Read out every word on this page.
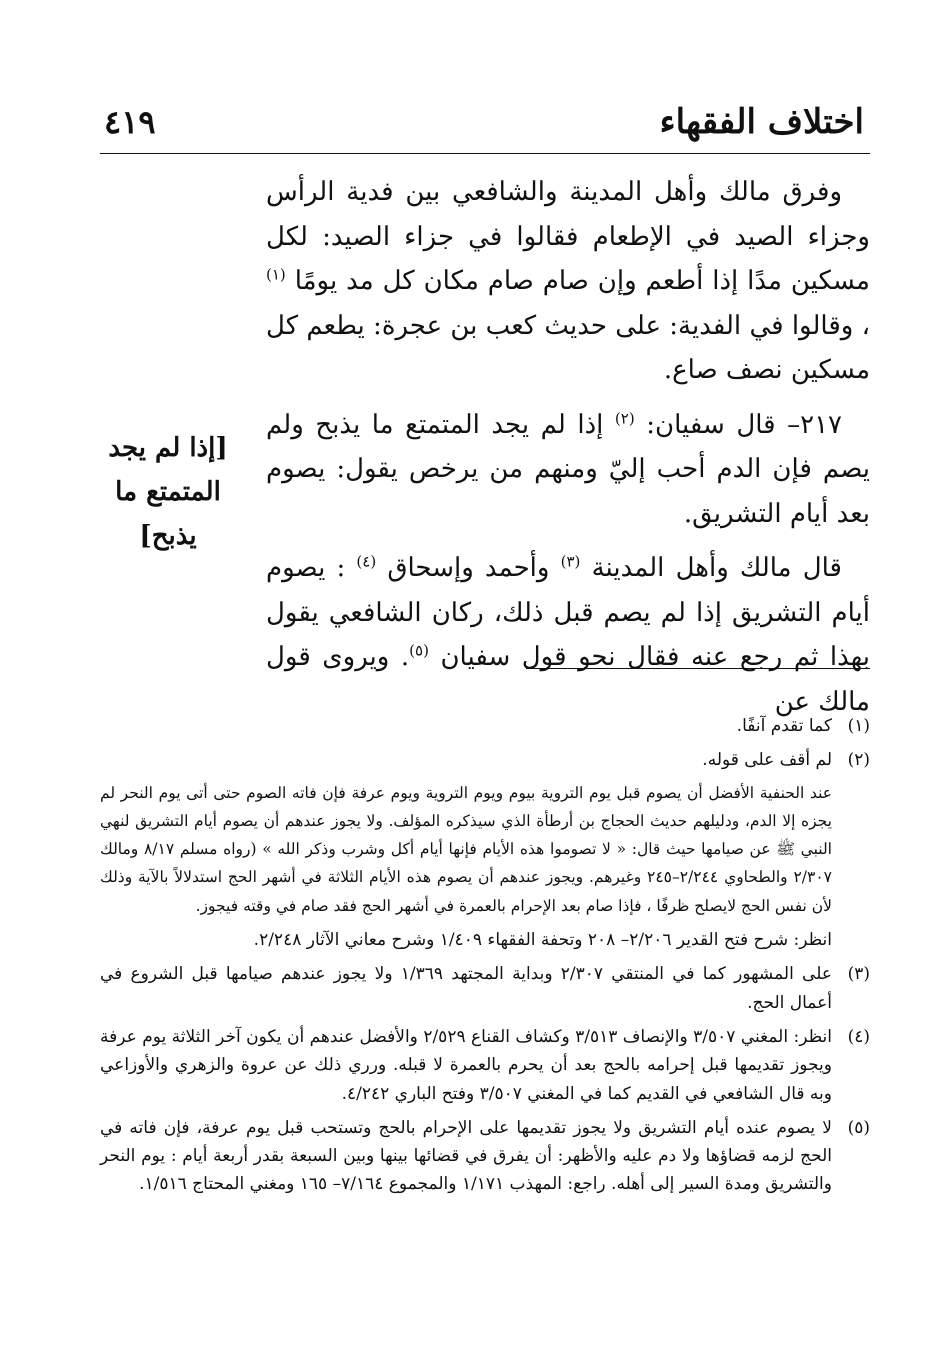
اختلاف الفقهاء
٤١٩

وفرق مالك وأهل المدينة والشافعي بين فدية الرأس وجزاء الصيد في الإطعام فقالوا في جزاء الصيد: لكل مسكين مدًا إذا أطعم وإن صام صام مكان كل مد يومًا $^{(١)}$ ، وقالوا في الفدية: على حديث كعب بن عجرة: يطعم كل مسكين نصف صاع.

٢١٧– قال سفيان: $^{(٢)}$ إذا لم يجد المتمتع ما يذبح ولم يصم فإن الدم أحب إليّ ومنهم من يرخص يقول: يصوم بعد أيام التشريق.

قال مالك وأهل المدينة $^{(٣)}$ وأحمد وإسحاق $^{(٤)}$ : يصوم أيام التشريق إذا لم يصم قبل ذلك، ركان الشافعي يقول بهذا ثم رجع عنه فقال نحو قول سفيان $^{(٥)}$. ويروى قول مالك عن

[إذا لم يجد
المتمتع ما
يذبح]
(١)

كما تقدم آنفًا.

(٢)

لم أقف على قوله.

عند الحنفية الأفضل أن يصوم قبل يوم التروية بيوم ويوم التروية ويوم عرفة فإن فاته الصوم حتى أتى يوم النحر لم يجزه إلا الدم، ودليلهم حديث الحجاج بن أرطأة الذي سيذكره المؤلف. ولا يجوز عندهم أن يصوم أيام التشريق لنهي النبي ﷺ عن صيامها حيث قال: « لا تصوموا هذه الأيام فإنها أيام أكل وشرب وذكر الله » (رواه مسلم ٨/١٧ ومالك ٢/٣٠٧ والطحاوي ٢/٢٤٤–٢٤٥ وغيرهم. ويجوز عندهم أن يصوم هذه الأيام الثلاثة في أشهر الحج استدلالاً بالآية وذلك لأن نفس الحج لايصلح ظرفًا ، فإذا صام بعد الإحرام بالعمرة في أشهر الحج فقد صام في وقته فيجوز.

انظر: شرح فتح القدير ٢/٢٠٦– ٢٠٨ وتحفة الفقهاء ١/٤٠٩ وشرح معاني الآثار ٢/٢٤٨.

(٣)

على المشهور كما في المنتقي ٢/٣٠٧ وبداية المجتهد ١/٣٦٩ ولا يجوز عندهم صيامها قبل الشروع في أعمال الحج.

(٤)

انظر: المغني ٣/٥٠٧ والإنصاف ٣/٥١٣ وكشاف القناع ٢/٥٢٩ والأفضل عندهم أن يكون آخر الثلاثة يوم عرفة ويجوز تقديمها قبل إحرامه بالحج بعد أن يحرم بالعمرة لا قبله. ورري ذلك عن عروة والزهري والأوزاعي وبه قال الشافعي في القديم كما في المغني ٣/٥٠٧ وفتح الباري ٤/٢٤٢.

(٥)

لا يصوم عنده أيام التشريق ولا يجوز تقديمها على الإحرام بالحج وتستحب قبل يوم عرفة، فإن فاته في الحج لزمه قضاؤها ولا دم عليه والأظهر: أن يفرق في قضائها بينها وبين السبعة بقدر أربعة أيام : يوم النحر والتشريق ومدة السير إلى أهله. راجع: المهذب ١/١٧١ والمجموع ٧/١٦٤– ١٦٥ ومغني المحتاج ١/٥١٦.
